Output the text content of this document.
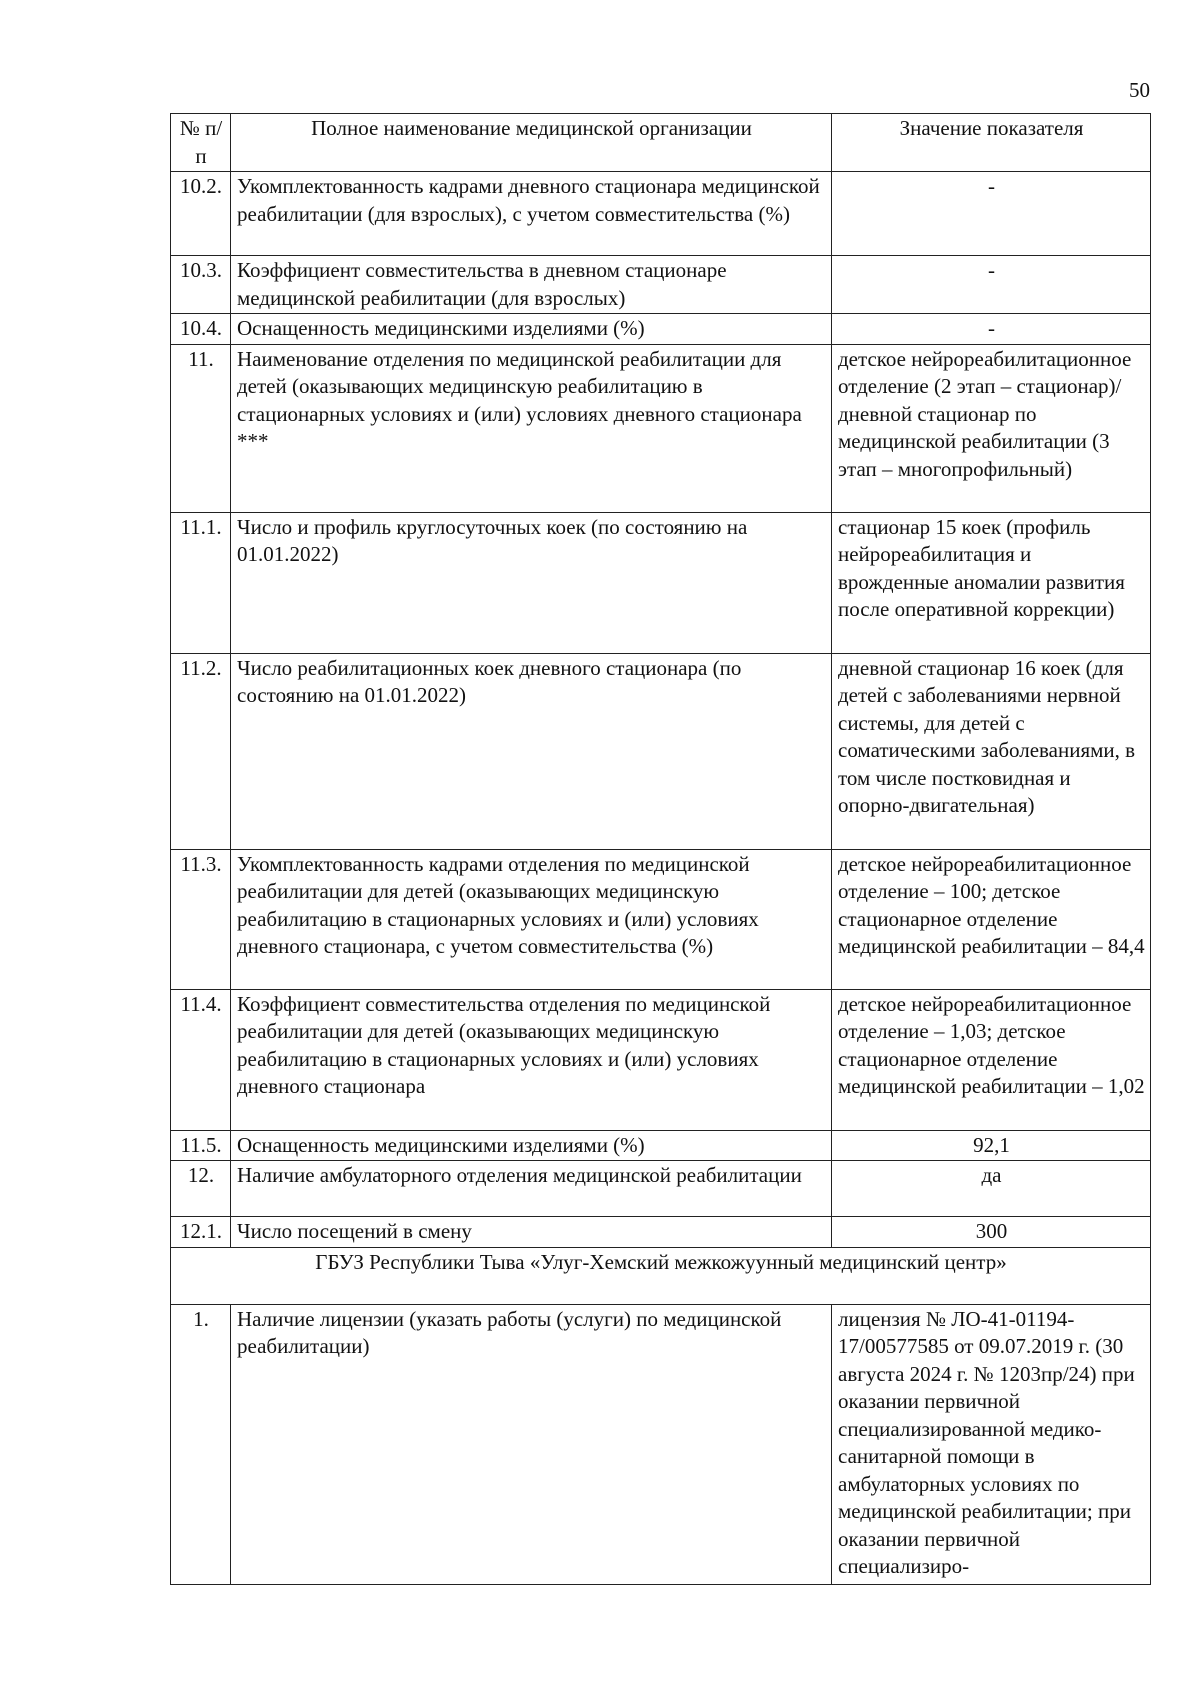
50
№ п/п	Полное наименование медицинской организации	Значение показателя
10.2.	Укомплектованность кадрами дневного стационара медицинской реабилитации (для взрослых), с учетом совместительства (%)	-
10.3.	Коэффициент совместительства в дневном стационаре медицинской реабилитации (для взрослых)	-
10.4.	Оснащенность медицинскими изделиями (%)	-
11.	Наименование отделения по медицинской реабилитации для детей (оказывающих медицинскую реабилитацию в стационарных условиях и (или) условиях дневного стационара ***	детское нейрореабилитационное отделение (2 этап – стационар)/дневной стационар по медицинской реабилитации (3 этап – многопрофильный)
11.1.	Число и профиль круглосуточных коек (по состоянию на 01.01.2022)	стационар 15 коек (профиль нейрореабилитация и врожденные аномалии развития после оперативной коррекции)
11.2.	Число реабилитационных коек дневного стационара (по состоянию на 01.01.2022)	дневной стационар 16 коек (для детей с заболеваниями нервной системы, для детей с соматическими заболеваниями, в том числе постковидная и опорно-двигательная)
11.3.	Укомплектованность кадрами отделения по медицинской реабилитации для детей (оказывающих медицинскую реабилитацию в стационарных условиях и (или) условиях дневного стационара, с учетом совместительства (%)	детское нейрореабилитационное отделение – 100; детское стационарное отделение медицинской реабилитации – 84,4
11.4.	Коэффициент совместительства отделения по медицинской реабилитации для детей (оказывающих медицинскую реабилитацию в стационарных условиях и (или) условиях дневного стационара	детское нейрореабилитационное отделение – 1,03; детское стационарное отделение медицинской реабилитации – 1,02
11.5.	Оснащенность медицинскими изделиями (%)	92,1
12.	Наличие амбулаторного отделения медицинской реабилитации	да
12.1.	Число посещений в смену	300
ГБУЗ Республики Тыва «Улуг-Хемский межкожуунный медицинский центр»		
1.	Наличие лицензии (указать работы (услуги) по медицинской реабилитации)	лицензия № ЛО-41-01194-17/00577585 от 09.07.2019 г. (30 августа 2024 г. № 1203пр/24) при оказании первичной специализированной медико-санитарной помощи в амбулаторных условиях по медицинской реабилитации; при оказании первичной специализиро-
